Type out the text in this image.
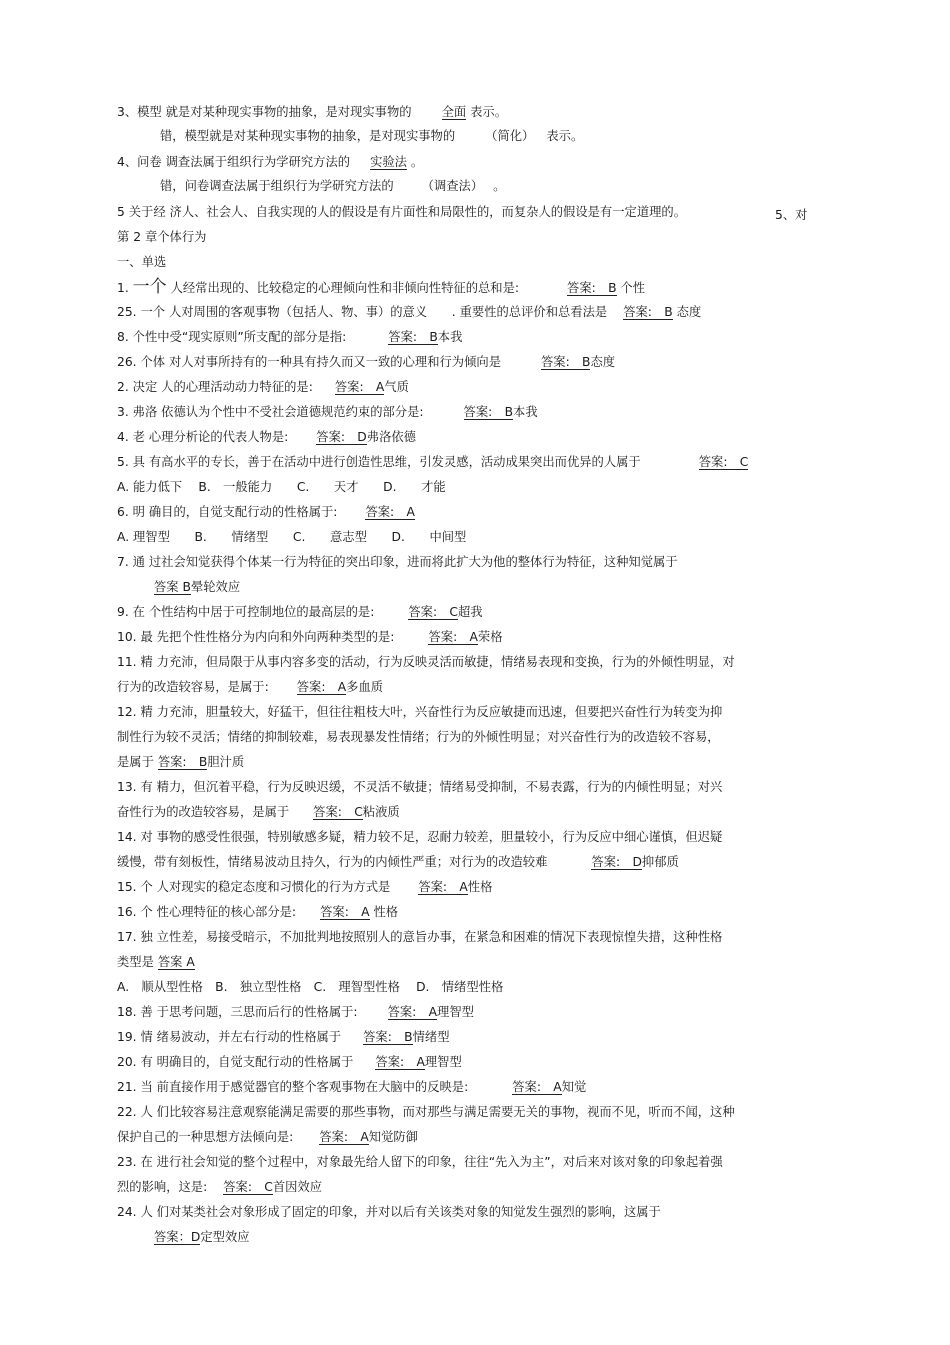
3、模型 就是对某种现实事物的抽象，是对现实事物的 全面 表示。
错，模型就是对某种现实事物的抽象，是对现实事物的 （简化） 表示。
4、问卷 调查法属于组织行为学研究方法的 实验法 。
错，问卷调查法属于组织行为学研究方法的 （调查法） 。
5 关于经 济人、社会人、自我实现的人的假设是有片面性和局限性的，而复杂人的假设是有一定道理的。	5、对
第 2 章个体行为
一、单选
1. 一个 人经常出现的、比较稳定的心理倾向性和非倾向性特征的总和是:	答案:　B 个性
25. 一个 人对周围的客观事物（包括人、物、事）的意义　　. 重要性的总评价和总看法是 答案:　B 态度
8. 个性中受“现实原则”所支配的部分是指:	答案:　B本我
26. 个体 对人对事所持有的一种具有持久而又一致的心理和行为倾向是	答案:　B态度
2. 决定 人的心理活动动力特征的是: 答案:　A气质
3. 弗洛 依德认为个性中不受社会道德规范约束的部分是:	答案:　B本我
4. 老 心理分析论的代表人物是: 答案:　D弗洛依德
5. 具 有高水平的专长，善于在活动中进行创造性思维，引发灵感，活动成果突出而优异的人属于	答案:　C
A. 能力低下　 B.　一般能力　　C.　　天才　　D.　　才能
6. 明 确目的，自觉支配行动的性格属于: 答案:　A
A. 理智型　　B.　　情绪型　　C.　　意志型　　D.　　中间型
7. 通 过社会知觉获得个体某一行为特征的突出印象，进而将此扩大为他的整体行为特征，这种知觉属于
答案 B晕轮效应
9. 在 个性结构中居于可控制地位的最高层的是:	答案:　C超我
10. 最 先把个性性格分为内向和外向两种类型的是:	答案:　A荣格
11. 精 力充沛，但局限于从事内容多变的活动，行为反映灵活而敏捷，情绪易表现和变换，行为的外倾性明显，对
行为的改造较容易，是属于: 答案:　A多血质
12. 精 力充沛，胆量较大，好猛干，但往往粗枝大叶，兴奋性行为反应敏捷而迅速，但要把兴奋性行为转变为抑
制性行为较不灵活；情绪的抑制较难，易表现暴发性情绪；行为的外倾性明显；对兴奋性行为的改造较不容易，
是属于 答案:　B胆汁质
13. 有 精力，但沉着平稳，行为反映迟缓，不灵活不敏捷；情绪易受抑制，不易表露，行为的内倾性明显；对兴
奋性行为的改造较容易，是属于 答案:　C粘液质
14. 对 事物的感受性很强，特别敏感多疑，精力较不足，忍耐力较差，胆量较小，行为反应中细心谨慎，但迟疑
缓慢，带有刻板性，情绪易波动且持久，行为的内倾性严重；对行为的改造较难	答案:　D抑郁质
15. 个 人对现实的稳定态度和习惯化的行为方式是 答案:　A性格
16. 个 性心理特征的核心部分是: 答案:　A 性格
17. 独 立性差，易接受暗示，不加批判地按照别人的意旨办事，在紧急和困难的情况下表现惊惶失措，这种性格
类型是 答案 A
A.　顺从型性格　B.　独立型性格　C.　理智型性格　 D.　情绪型性格
18. 善 于思考问题，三思而后行的性格属于: 答案:　A理智型
19. 情 绪易波动，并左右行动的性格属于 答案:　B情绪型
20. 有 明确目的，自觉支配行动的性格属于 答案:　A理智型
21. 当 前直接作用于感觉器官的整个客观事物在大脑中的反映是:	答案:　A知觉
22. 人 们比较容易注意观察能满足需要的那些事物，而对那些与满足需要无关的事物，视而不见，听而不闻，这种
保护自己的一种思想方法倾向是: 答案:　A知觉防御
23. 在 进行社会知觉的整个过程中，对象最先给人留下的印象，往往“先入为主”，对后来对该对象的印象起着强
烈的影响，这是: 答案:　C首因效应
24. 人 们对某类社会对象形成了固定的印象，并对以后有关该类对象的知觉发生强烈的影响，这属于
答案：D定型效应
